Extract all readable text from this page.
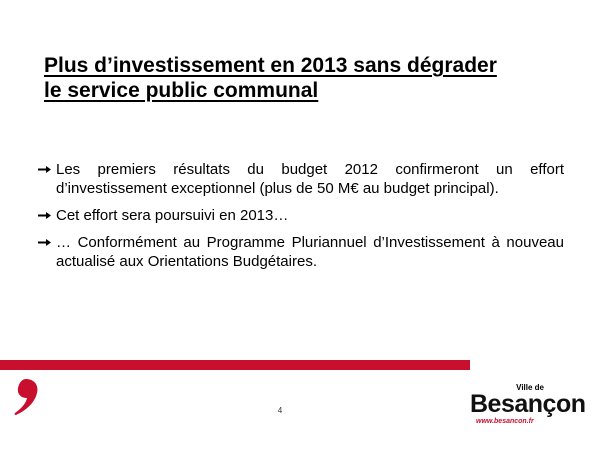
Plus d’investissement en 2013 sans dégrader
le service public communal
Les premiers résultats du budget 2012 confirmeront un effort d’investissement exceptionnel (plus de 50 M€ au budget principal).
Cet effort sera poursuivi en 2013…
… Conformément au Programme Pluriannuel d’Investissement à nouveau actualisé aux Orientations Budgétaires.
4
Ville de
Besançon
www.besancon.fr
